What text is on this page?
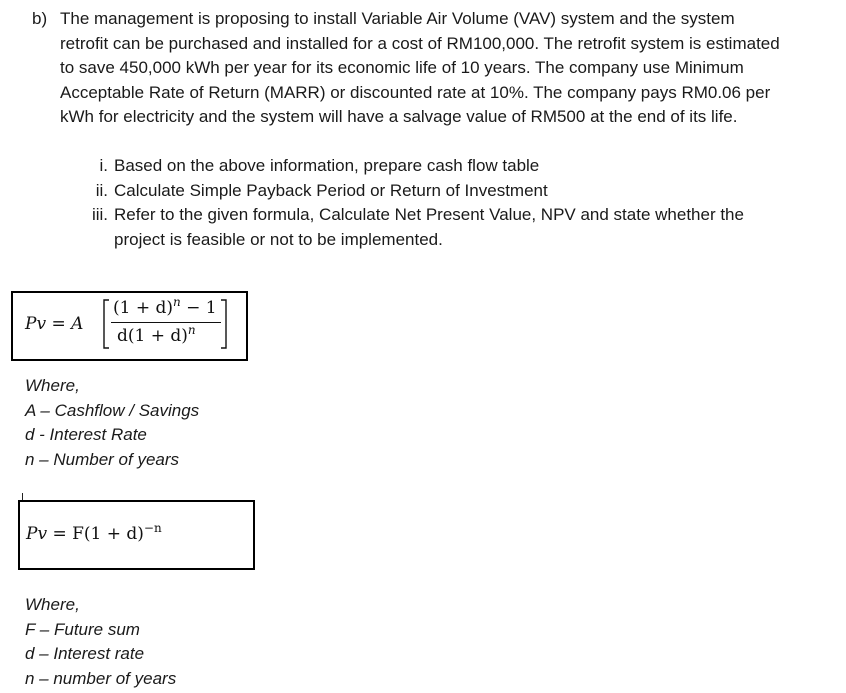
b) The management is proposing to install Variable Air Volume (VAV) system and the system retrofit can be purchased and installed for a cost of RM100,000. The retrofit system is estimated to save 450,000 kWh per year for its economic life of 10 years. The company use Minimum Acceptable Rate of Return (MARR) or discounted rate at 10%. The company pays RM0.06 per kWh for electricity and the system will have a salvage value of RM500 at the end of its life.
i. Based on the above information, prepare cash flow table
ii. Calculate Simple Payback Period or Return of Investment
iii. Refer to the given formula, Calculate Net Present Value, NPV and state whether the project is feasible or not to be implemented.
Pv = A
$(1 + d)^n - 1$
$d(1 + d)^n$
Where,
A – Cashflow / Savings
d - Interest Rate
n – Number of years
$Pv = F(1 + d)^{-n}$
Where,
F – Future sum
d – Interest rate
n – number of years
